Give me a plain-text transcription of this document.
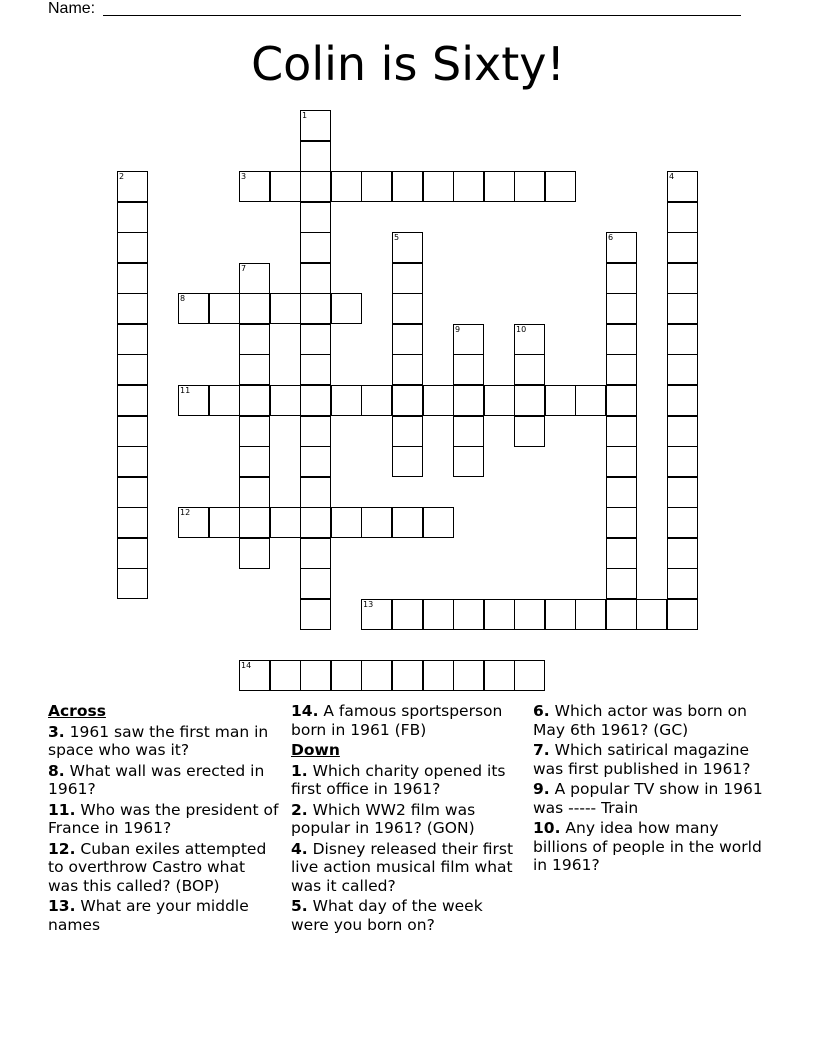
Name:
Colin is Sixty!
1
2	3	4
5	6
7
8
9	10
11
12
13
14
Across
3. 1961 saw the first man in space who was it?
8. What wall was erected in 1961?
11. Who was the president of France in 1961?
12. Cuban exiles attempted to overthrow Castro what was this called? (BOP)
13. What are your middle names
14. A famous sportsperson born in 1961 (FB)
Down
1. Which charity opened its first office in 1961?
2. Which WW2 film was popular in 1961? (GON)
4. Disney released their first live action musical film what was it called?
5. What day of the week were you born on?
6. Which actor was born on May 6th 1961? (GC)
7. Which satirical magazine was first published in 1961?
9. A popular TV show in 1961 was ----- Train
10. Any idea how many billions of people in the world in 1961?
